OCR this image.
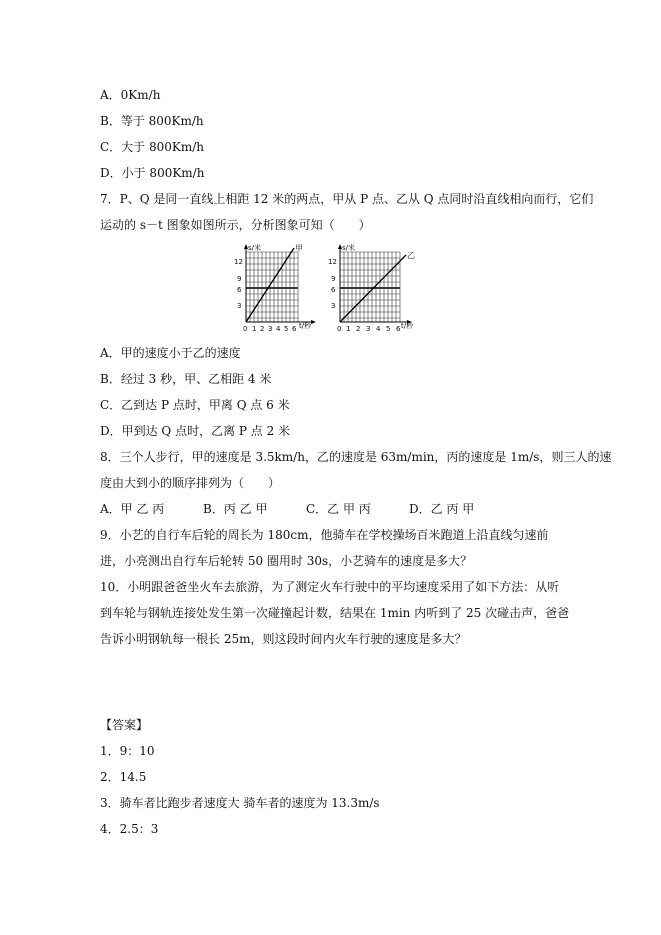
A．0Km/h
B．等于 800Km/h
C．大于 800Km/h
D．小于 800Km/h
7．P、Q 是同一直线上相距 12 米的两点，甲从 P 点、乙从 Q 点同时沿直线相向而行，它们
运动的 s－t 图象如图所示，分析图象可知（　　）
甲
s/米
12
9
6
3
0 1 2 3 4 5 6 t/秒
乙
s/米
12
9
6
3
0 1 2 3 4 5 6 t/秒
A．甲的速度小于乙的速度
B．经过 3 秒，甲、乙相距 4 米
C．乙到达 P 点时，甲离 Q 点 6 米
D．甲到达 Q 点时，乙离 P 点 2 米
8．三个人步行，甲的速度是 3.5km/h，乙的速度是 63m/min，丙的速度是 1m/s，则三人的速
度由大到小的顺序排列为（　　）
A．甲 乙 丙	B．丙 乙 甲	C．乙 甲 丙	D．乙 丙 甲
9．小艺的自行车后轮的周长为 180cm，他骑车在学校操场百米跑道上沿直线匀速前进，小亮测出自行车后轮转 50 圈用时 30s，小艺骑车的速度是多大？
10．小明跟爸爸坐火车去旅游，为了测定火车行驶中的平均速度采用了如下方法：从听到车轮与钢轨连接处发生第一次碰撞起计数，结果在 1min 内听到了 25 次碰击声，爸爸告诉小明钢轨每一根长 25m，则这段时间内火车行驶的速度是多大？
【答案】
1．9：10
2．14.5
3．骑车者比跑步者速度大 骑车者的速度为 13.3m/s
4．2.5：3
